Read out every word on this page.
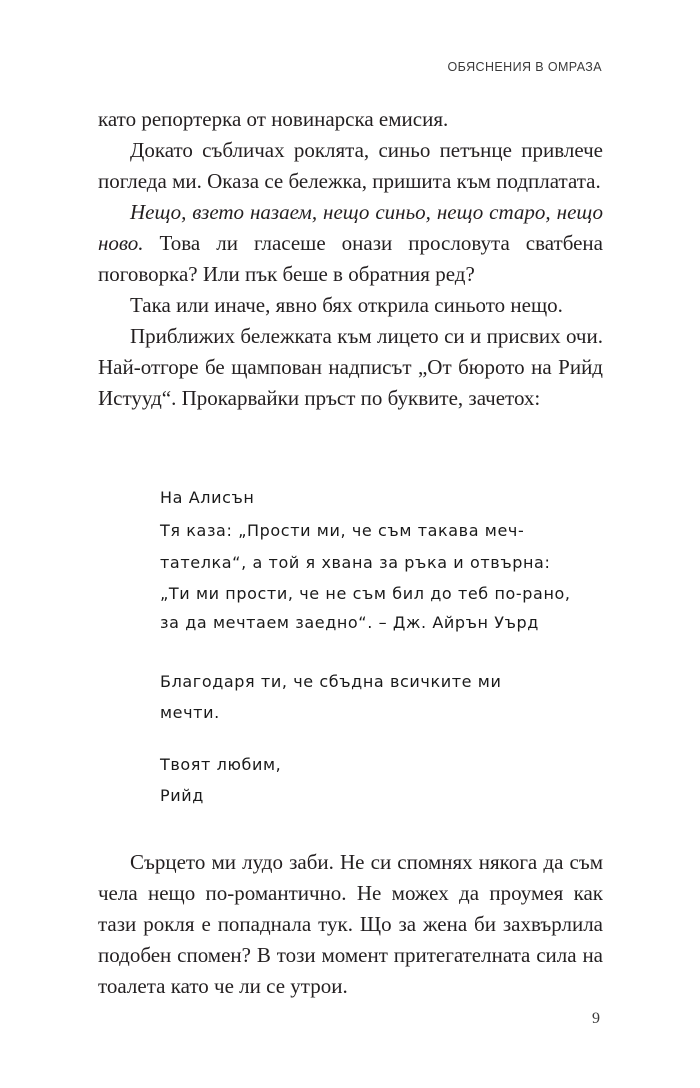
ОБЯСНЕНИЯ В ОМРАЗА

като репортерка от новинарска емисия.

Докато събличах роклята, синьо петънце привлече погледа ми. Оказа се бележка, пришита към подплатата.

Нещо, взето назаем, нещо синьо, нещо старо, нещо ново. Това ли гласеше онази прословута сватбена поговорка? Или пък беше в обратния ред?

Така или иначе, явно бях открила синьото нещо.

Приближих бележката към лицето си и присвих очи. Най-отгоре бе щампован надписът „От бюрото на Рийд Истууд“. Прокарвайки пръст по буквите, зачетох:

На Алисън
Тя каза: „Прости ми, че съм такава меч-
тателка“, а той я хвана за ръка и отвърна:
„Ти ми прости, че не съм бил до теб по-рано,
за да мечтаем заедно“. – Дж. Айрън Уърд
Благодаря ти, че сбъдна всичките ми
мечти.
Твоят любим,
Рийд

Сърцето ми лудо заби. Не си спомнях някога да съм чела нещо по-романтично. Не можех да проумея как тази рокля е попаднала тук. Що за жена би захвърлила подобен спомен? В този момент притегателната сила на тоалета като че ли се утрои.

9
